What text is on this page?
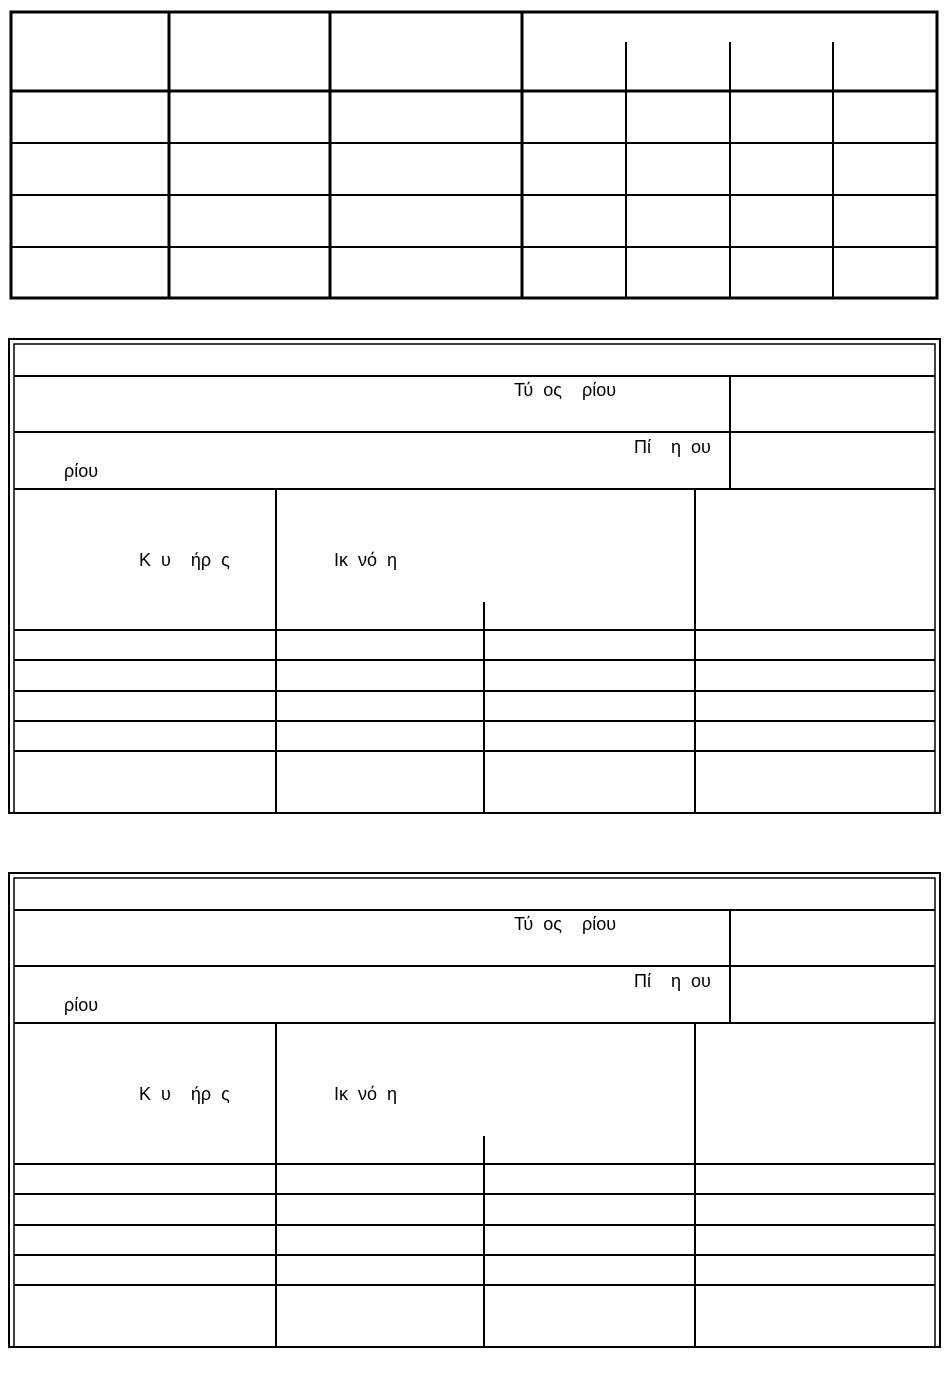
Τύ  ος    ρίου
Πί    η  ου
ρίου
Κ  υ    ήρ  ς	Ικ  νό  η
Τύ  ος    ρίου
Πί    η  ου
ρίου
Κ  υ    ήρ  ς	Ικ  νό  η
